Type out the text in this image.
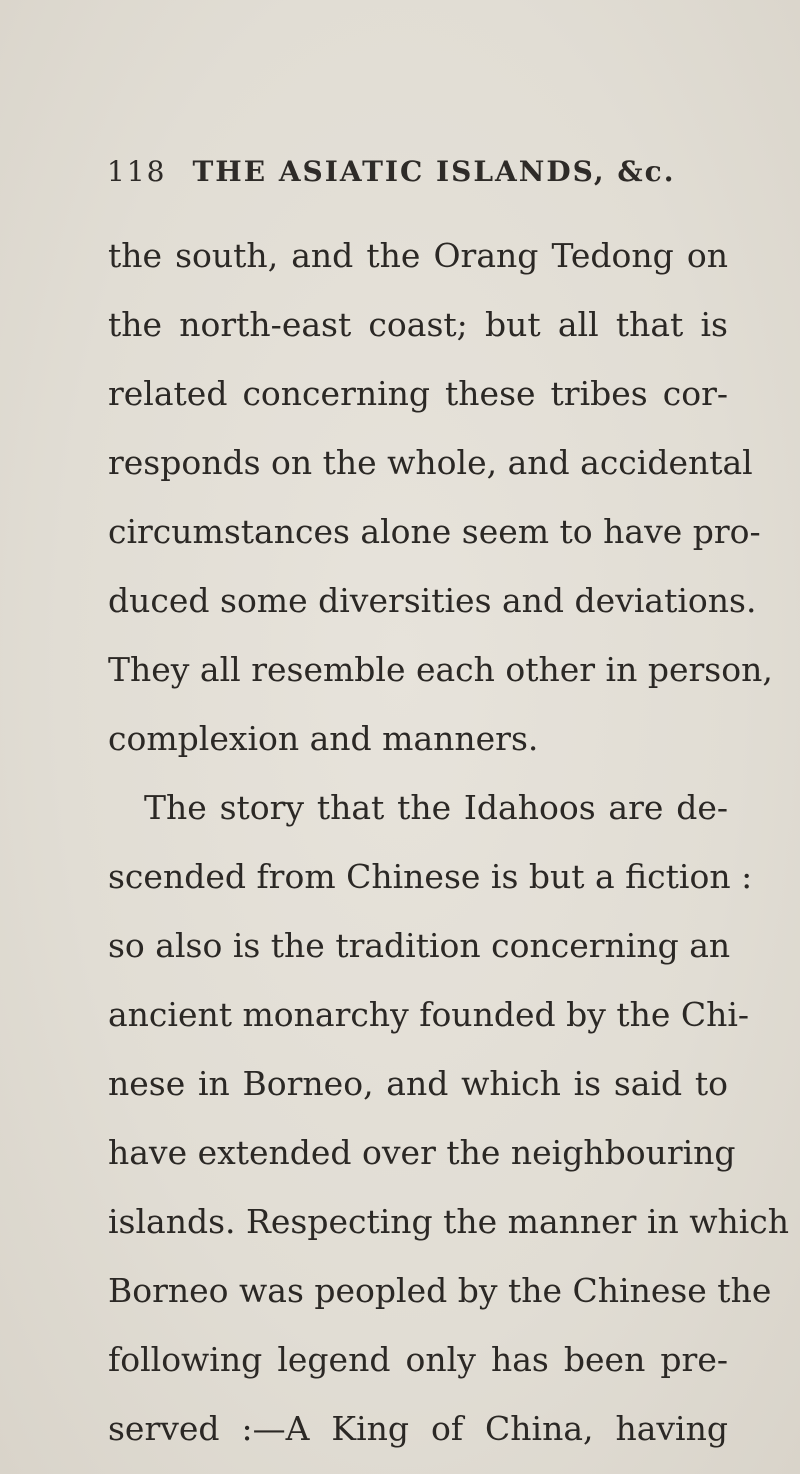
118 THE ASIATIC ISLANDS, &c.
the south, and the Orang Tedong on
the north-east coast; but all that is
related concerning these tribes cor-
responds on the whole, and accidental
circumstances alone seem to have pro-
duced some diversities and deviations.
They all resemble each other in person,
complexion and manners.
The story that the Idahoos are de-
scended from Chinese is but a fiction :
so also is the tradition concerning an
ancient monarchy founded by the Chi-
nese in Borneo, and which is said to
have extended over the neighbouring
islands. Respecting the manner in which
Borneo was peopled by the Chinese the
following legend only has been pre-
served :—A King of China, having
